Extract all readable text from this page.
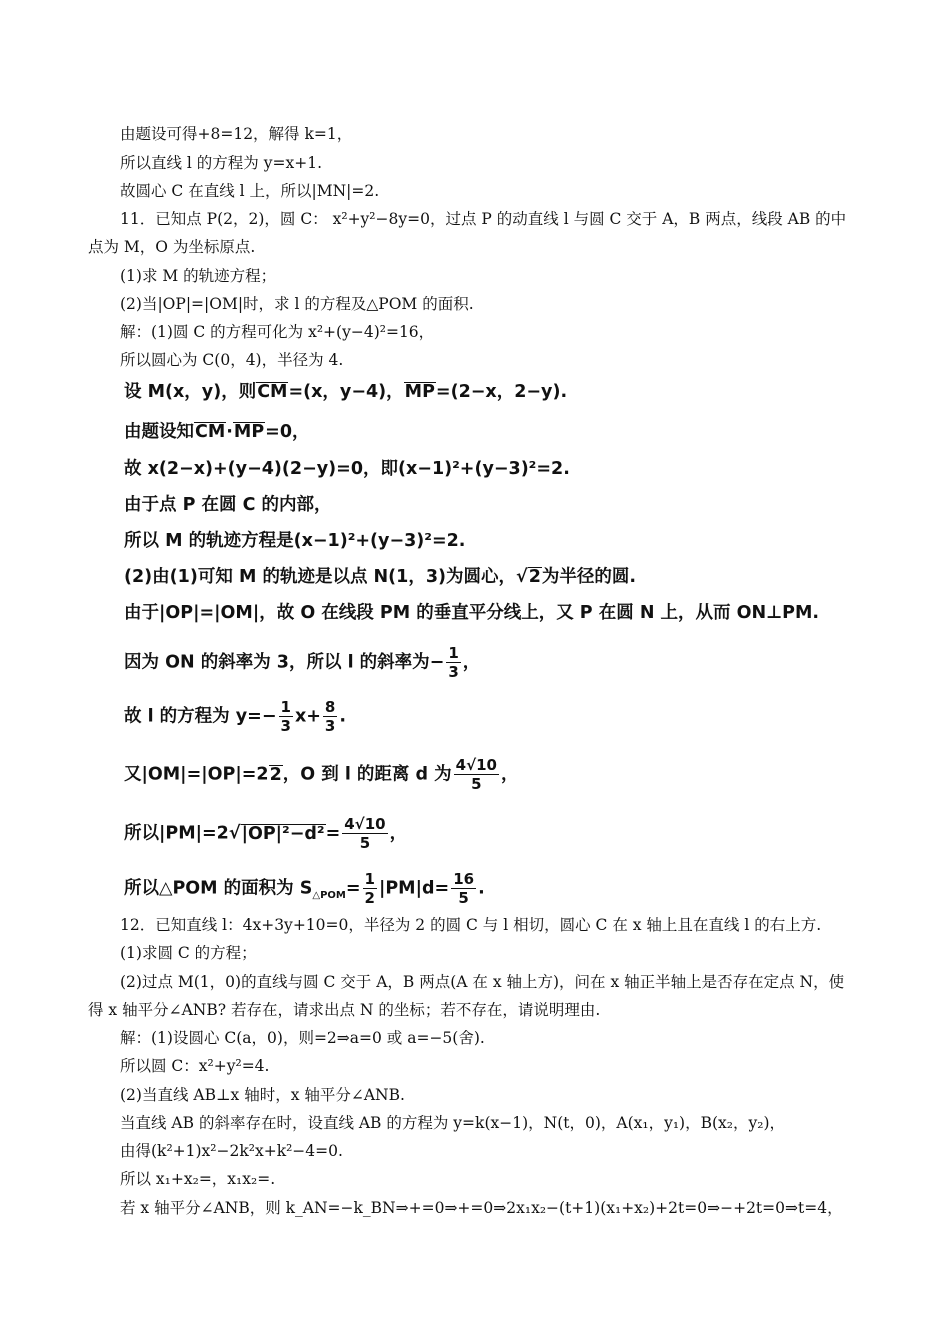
由题设可得+8=12，解得 k=1，
所以直线 l 的方程为 y=x+1.
故圆心 C 在直线 l 上，所以|MN|=2.
11．已知点 P(2，2)，圆 C： x²+y²−8y=0，过点 P 的动直线 l 与圆 C 交于 A，B 两点，线段 AB 的中
点为 M，O 为坐标原点.
(1)求 M 的轨迹方程；
(2)当|OP|=|OM|时，求 l 的方程及△POM 的面积.
解：(1)圆 C 的方程可化为 x²+(y−4)²=16，
所以圆心为 C(0，4)，半径为 4.
设 M(x，y)，则CM=(x，y−4)，MP=(2−x，2−y).
由题设知CM·MP=0，
故 x(2−x)+(y−4)(2−y)=0，即(x−1)²+(y−3)²=2.
由于点 P 在圆 C 的内部，
所以 M 的轨迹方程是(x−1)²+(y−3)²=2.
(2)由(1)可知 M 的轨迹是以点 N(1，3)为圆心，√2为半径的圆.
由于|OP|=|OM|，故 O 在线段 PM 的垂直平分线上，又 P 在圆 N 上，从而 ON⊥PM.
因为 ON 的斜率为 3，所以 l 的斜率为− $\frac{1}{3}$ ，
故 l 的方程为 $y=- \frac{1}{3} x+ \frac{8}{3}$ .
又|OM|=|OP|=22，O 到 l 的距离 d 为 $\frac{4√10}{5}$ ，
所以$|PM|=2√|OP|^2-d^2= \frac{4√10}{5}$ ，
所以△POM 的面积为 $S_{\triangle POM}= \frac{1}{2} |PM|d= \frac{16}{5}$ .
12．已知直线 l：4x+3y+10=0，半径为 2 的圆 C 与 l 相切，圆心 C 在 x 轴上且在直线 l 的右上方.
(1)求圆 C 的方程；
(2)过点 M(1，0)的直线与圆 C 交于 A，B 两点(A 在 x 轴上方)，问在 x 轴正半轴上是否存在定点 N，使
得 x 轴平分∠ANB? 若存在，请求出点 N 的坐标；若不存在，请说明理由.
解：(1)设圆心 C(a，0)，则=2⇒a=0 或 a=−5(舍).
所以圆 C：x²+y²=4.
(2)当直线 AB⊥x 轴时，x 轴平分∠ANB.
当直线 AB 的斜率存在时，设直线 AB 的方程为 y=k(x−1)，N(t，0)，A(x₁，y₁)，B(x₂，y₂)，
由得(k²+1)x²−2k²x+k²−4=0.
所以 x₁+x₂=，x₁x₂=.
若 x 轴平分∠ANB，则 k_AN=−k_BN⇒+=0⇒+=0⇒2x₁x₂−(t+1)(x₁+x₂)+2t=0⇒−+2t=0⇒t=4，
